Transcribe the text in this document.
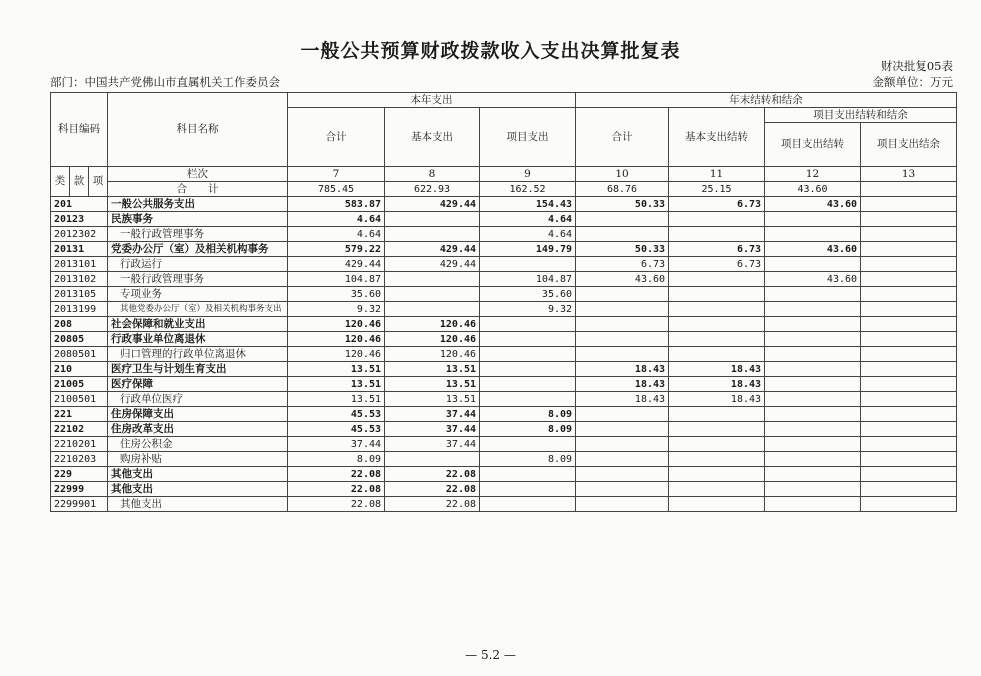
一般公共预算财政拨款收入支出决算批复表
财决批复05表
金额单位：万元
部门：中国共产党佛山市直属机关工作委员会
科目编码			科目名称	本年支出			年末结转和结余			
				合计	基本支出	项目支出	合计	基本支出结转	项目支出结转和结余	
									项目支出结转	项目支出结余
类	款	项	栏次	7	8	9	10	11	12	13
			合　　计	785.45	622.93	162.52	68.76	25.15	43.60	
201			一般公共服务支出	583.87	429.44	154.43	50.33	6.73	43.60	
20123			民族事务	4.64		4.64				
2012302			一般行政管理事务	4.64		4.64				
20131			党委办公厅（室）及相关机构事务	579.22	429.44	149.79	50.33	6.73	43.60	
2013101			行政运行	429.44	429.44		6.73	6.73		
2013102			一般行政管理事务	104.87		104.87	43.60		43.60	
2013105			专项业务	35.60		35.60				
2013199			其他党委办公厅（室）及相关机构事务支出	9.32		9.32				
208			社会保障和就业支出	120.46	120.46					
20805			行政事业单位离退休	120.46	120.46					
2080501			归口管理的行政单位离退休	120.46	120.46					
210			医疗卫生与计划生育支出	13.51	13.51		18.43	18.43		
21005			医疗保障	13.51	13.51		18.43	18.43		
2100501			行政单位医疗	13.51	13.51		18.43	18.43		
221			住房保障支出	45.53	37.44	8.09				
22102			住房改革支出	45.53	37.44	8.09				
2210201			住房公积金	37.44	37.44					
2210203			购房补贴	8.09		8.09				
229			其他支出	22.08	22.08					
22999			其他支出	22.08	22.08					
2299901			其他支出	22.08	22.08					
— 5.2 —
